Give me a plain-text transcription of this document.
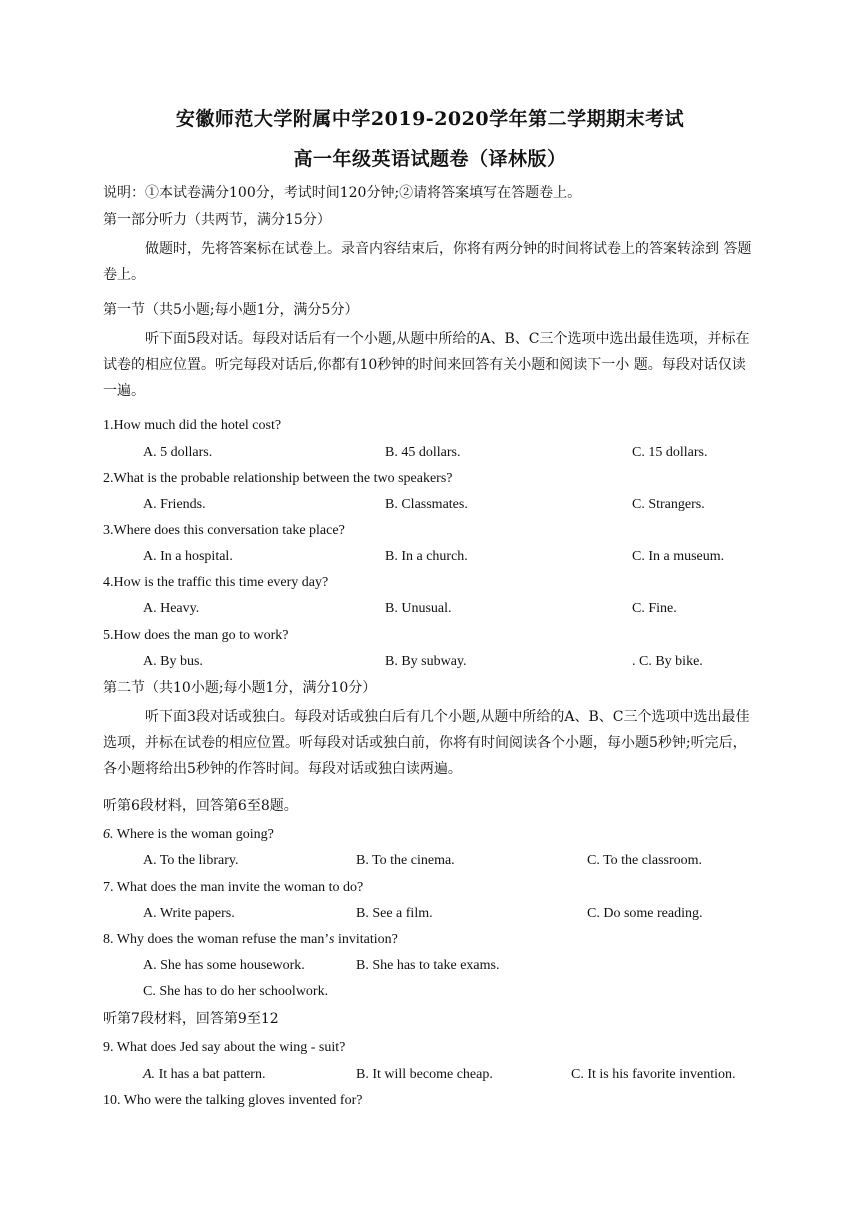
安徽师范大学附属中学2019-2020学年第二学期期末考试
高一年级英语试题卷（译林版）
说明：①本试卷满分100分，考试时间120分钟;②请将答案填写在答题卷上。
第一部分听力（共两节，满分15分）
做题时，先将答案标在试卷上。录音内容结束后，你将有两分钟的时间将试卷上的答案转涂到 答题卷上。
第一节（共5小题;每小题1分，满分5分）
听下面5段对话。每段对话后有一个小题,从题中所给的A、B、C三个选项中选出最佳选项，并标在试卷的相应位置。听完每段对话后,你都有10秒钟的时间来回答有关小题和阅读下一小 题。每段对话仅读一遍。
1.How much did the hotel cost?
A. 5 dollars.	B. 45 dollars.	C. 15 dollars.
2.What is the probable relationship between the two speakers?
A. Friends.	B. Classmates.	C. Strangers.
3.Where does this conversation take place?
A. In a hospital.	B. In a church.	C. In a museum.
4.How is the traffic this time every day?
A. Heavy.	B. Unusual.	C. Fine.
5.How does the man go to work?
A. By bus.	B. By subway.	. C. By bike.
第二节（共10小题;每小题1分，满分10分）
听下面3段对话或独白。每段对话或独白后有几个小题,从题中所给的A、B、C三个选项中选出最佳选项，并标在试卷的相应位置。听每段对话或独白前，你将有时间阅读各个小题，每小题5秒钟;听完后，各小题将给出5秒钟的作答时间。每段对话或独白读两遍。
听第6段材料，回答第6至8题。
6. Where is the woman going?
A. To the library.	B. To the cinema.	C. To the classroom.
7. What does the man invite the woman to do?
A. Write papers.	B. See a film.	C. Do some reading.
8. Why does the woman refuse the man’s invitation?
A. She has some housework.	B. She has to take exams.
C. She has to do her schoolwork.
听第7段材料，回答第9至12
9. What does Jed say about the wing - suit?
A. It has a bat pattern.	B. It will become cheap.	C. It is his favorite invention.
10. Who were the talking gloves invented for?
